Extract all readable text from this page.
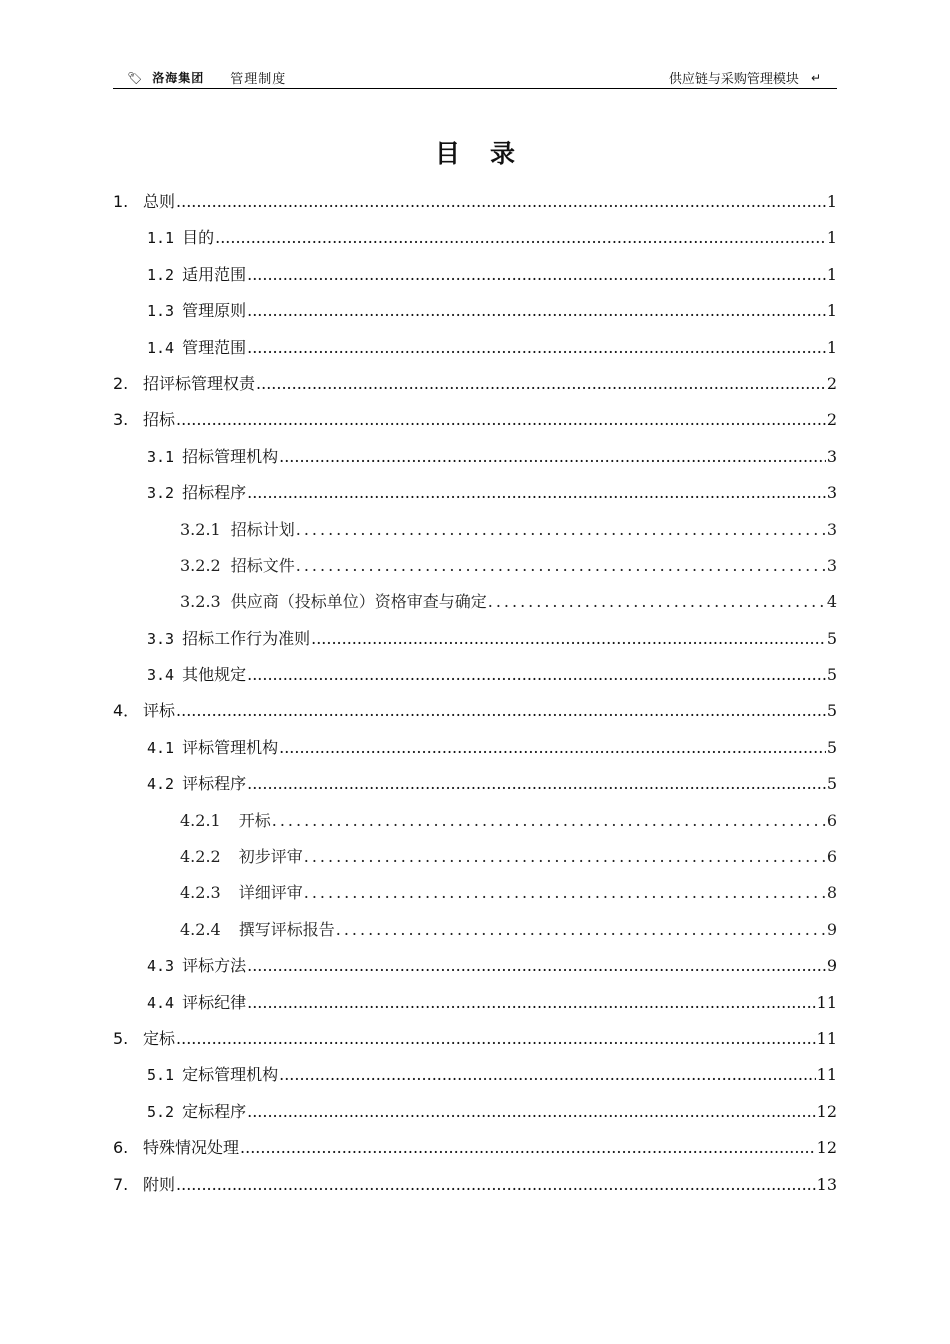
🏷︎ 洛海集团 管理制度	供应链与采购管理模块 ↵
目录
1. 总则 .....	1
1.1 目的 .....	1
1.2 适用范围 .....	1
1.3 管理原则 .....	1
1.4 管理范围 .....	1
2. 招评标管理权责 .....	2
3. 招标 .....	2
3.1 招标管理机构 .....	3
3.2 招标程序 .....	3
3.2.1 招标计划 .....	3
3.2.2 招标文件 .....	3
3.2.3 供应商（投标单位）资格审查与确定 .....	4
3.3 招标工作行为准则 .....	5
3.4 其他规定 .....	5
4． 评标 .....	5
4.1 评标管理机构 .....	5
4.2 评标程序 .....	5
4.2.1 开标 .....	6
4.2.2 初步评审 .....	6
4.2.3 详细评审 .....	8
4.2.4 撰写评标报告 .....	9
4.3 评标方法 .....	9
4.4 评标纪律 .....	11
5. 定标 .....	11
5.1 定标管理机构 .....	11
5.2 定标程序 .....	12
6. 特殊情况处理 .....	12
7. 附则 .....	13
